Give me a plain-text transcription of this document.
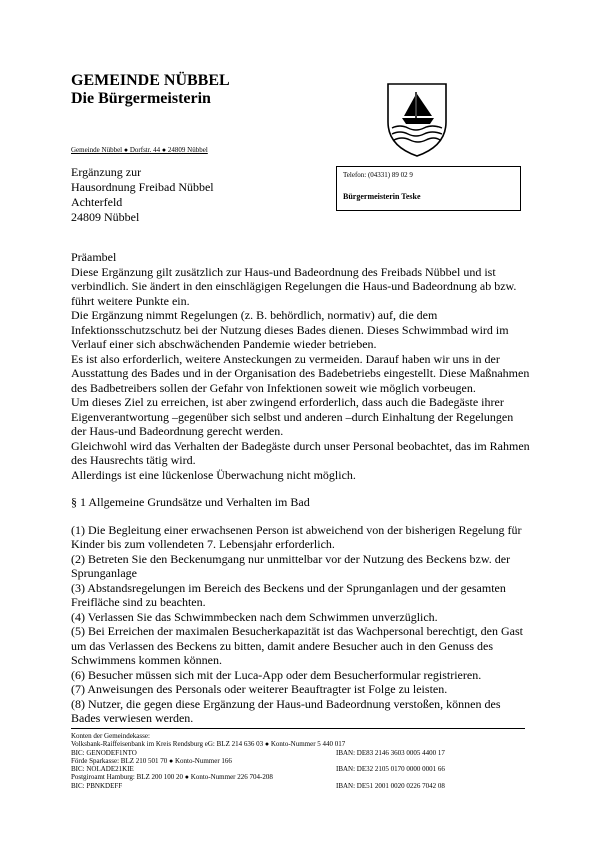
GEMEINDE NÜBBEL
Die Bürgermeisterin
Gemeinde Nübbel ● Dorfstr. 44 ● 24809 Nübbel
Ergänzung zur
Hausordnung Freibad Nübbel
Achterfeld
24809 Nübbel
Telefon: (04331) 89 02 9
Bürgermeisterin Teske

Präambel

Diese Ergänzung gilt zusätzlich zur Haus-und Badeordnung des Freibads Nübbel und ist verbindlich. Sie ändert in den einschlägigen Regelungen die Haus-und Badeordnung ab bzw. führt weitere Punkte ein.

Die Ergänzung nimmt Regelungen (z. B. behördlich, normativ) auf, die dem Infektionsschutzschutz bei der Nutzung dieses Bades dienen. Dieses Schwimmbad wird im Verlauf einer sich abschwächenden Pandemie wieder betrieben.

Es ist also erforderlich, weitere Ansteckungen zu vermeiden. Darauf haben wir uns in der Ausstattung des Bades und in der Organisation des Badebetriebs eingestellt. Diese Maßnahmen des Badbetreibers sollen der Gefahr von Infektionen soweit wie möglich vorbeugen.

Um dieses Ziel zu erreichen, ist aber zwingend erforderlich, dass auch die Badegäste ihrer Eigenverantwortung –gegenüber sich selbst und anderen –durch Einhaltung der Regelungen der Haus-und Badeordnung gerecht werden.

Gleichwohl wird das Verhalten der Badegäste durch unser Personal beobachtet, das im Rahmen des Hausrechts tätig wird.

Allerdings ist eine lückenlose Überwachung nicht möglich.

§ 1 Allgemeine Grundsätze und Verhalten im Bad

(1) Die Begleitung einer erwachsenen Person ist abweichend von der bisherigen Regelung für Kinder bis zum vollendeten 7. Lebensjahr erforderlich.

(2) Betreten Sie den Beckenumgang nur unmittelbar vor der Nutzung des Beckens bzw. der Sprunganlage

(3) Abstandsregelungen im Bereich des Beckens und der Sprunganlagen und der gesamten Freifläche sind zu beachten.

(4) Verlassen Sie das Schwimmbecken nach dem Schwimmen unverzüglich.

(5) Bei Erreichen der maximalen Besucherkapazität ist das Wachpersonal berechtigt, den Gast um das Verlassen des Beckens zu bitten, damit andere Besucher auch in den Genuss des Schwimmens kommen können.

(6) Besucher müssen sich mit der Luca-App oder dem Besucherformular registrieren.

(7) Anweisungen des Personals oder weiterer Beauftragter ist Folge zu leisten.

(8) Nutzer, die gegen diese Ergänzung der Haus-und Badeordnung verstoßen, können des Bades verwiesen werden.

Konten der Gemeindekasse:
Volksbank-Raiffeisenbank im Kreis Rendsburg eG: BLZ 214 636 03 ● Konto-Nummer 5 440 017
BIC: GENODEF1NTO	IBAN: DE83 2146 3603 0005 4400 17
Förde Sparkasse: BLZ 210 501 70 ● Konto-Nummer 166
BIC: NOLADE21KIE	IBAN: DE32 2105 0170 0000 0001 66
Postgiroamt Hamburg: BLZ 200 100 20 ● Konto-Nummer 226 704-208
BIC: PBNKDEFF	IBAN: DE51 2001 0020 0226 7042 08
